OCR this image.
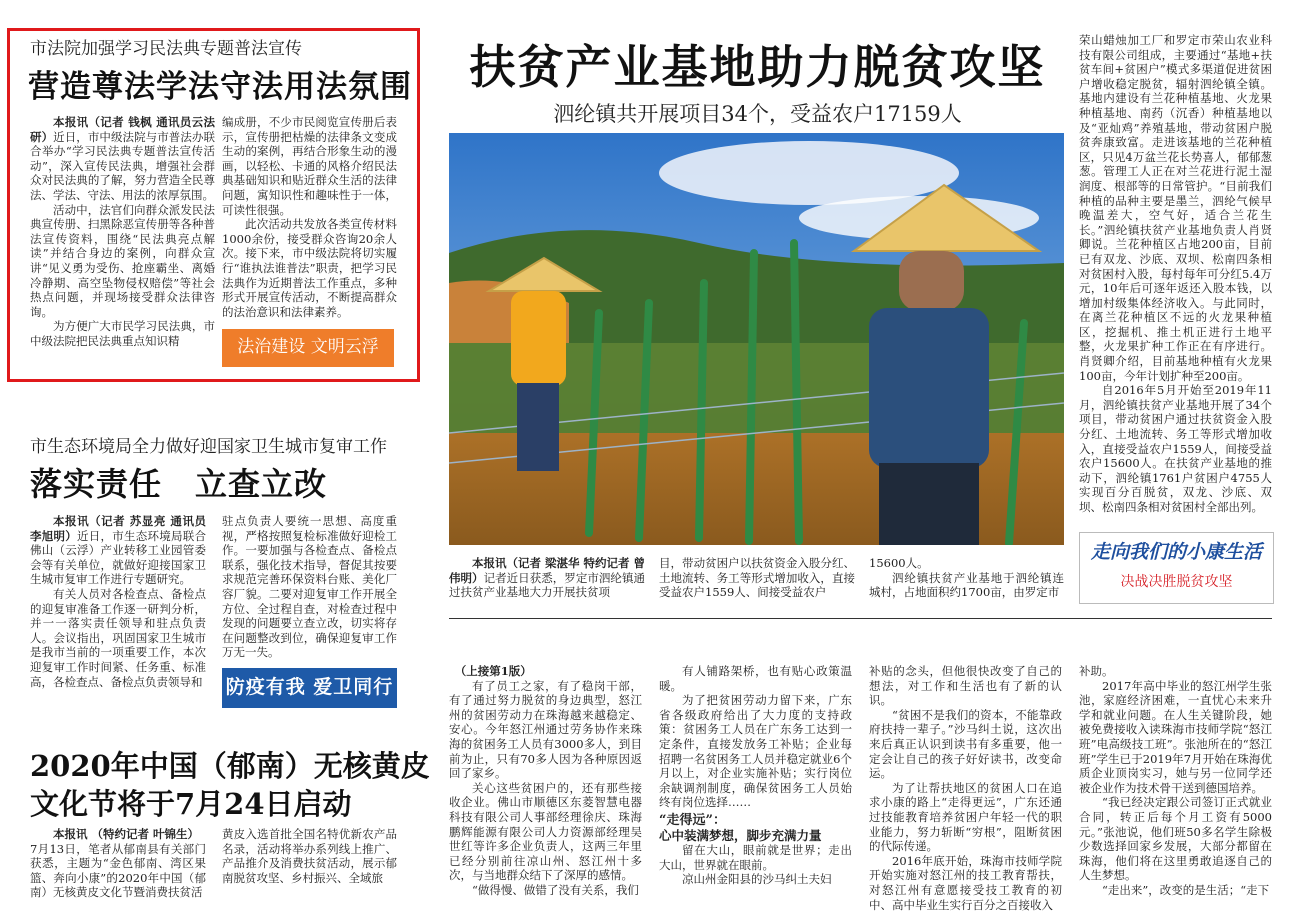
市法院加强学习民法典专题普法宣传
营造尊法学法守法用法氛围

本报讯（记者 钱枫 通讯员云法研）近日，市中级法院与市普法办联合举办“学习民法典专题普法宣传活动”，深入宣传民法典，增强社会群众对民法典的了解，努力营造全民尊法、学法、守法、用法的浓厚氛围。

活动中，法官们向群众派发民法典宣传册、扫黑除恶宣传册等各种普法宣传资料，围绕“民法典亮点解读”并结合身边的案例，向群众宣讲“见义勇为受伤、抢座霸坐、离婚冷静期、高空坠物侵权赔偿”等社会热点问题，并现场接受群众法律咨询。

为方便广大市民学习民法典，市中级法院把民法典重点知识精

编成册，不少市民阅览宣传册后表示，宣传册把枯燥的法律条文变成生动的案例，再结合形象生动的漫画，以轻松、卡通的风格介绍民法典基础知识和贴近群众生活的法律问题，寓知识性和趣味性于一体，可读性很强。

此次活动共发放各类宣传材料1000余份，接受群众咨询20余人次。接下来，市中级法院将切实履行“谁执法谁普法”职责，把学习民法典作为近期普法工作重点，多种形式开展宣传活动，不断提高群众的法治意识和法律素养。

法治建设 文明云浮
市生态环境局全力做好迎国家卫生城市复审工作
落实责任　立查立改

本报讯（记者 苏显亮 通讯员 李旭明）近日，市生态环境局联合佛山（云浮）产业转移工业园管委会等有关单位，就做好迎接国家卫生城市复审工作进行专题研究。

有关人员对各检查点、备检点的迎复审准备工作逐一研判分析，并一一落实责任领导和驻点负责人。会议指出，巩固国家卫生城市是我市当前的一项重要工作，本次迎复审工作时间紧、任务重、标准高，各检查点、备检点负责领导和

驻点负责人要统一思想、高度重视，严格按照复检标准做好迎检工作。一要加强与各检查点、备检点联系，强化技术指导，督促其按要求规范完善环保资料台账、美化厂容厂貌。二要对迎复审工作开展全方位、全过程自查，对检查过程中发现的问题要立查立改，切实将存在问题整改到位，确保迎复审工作万无一失。

防疫有我 爱卫同行
2020年中国（郁南）无核黄皮
文化节将于7月24日启动

本报讯 （特约记者 叶锦生）

7月13日，笔者从郁南县有关部门获悉，主题为“金色郁南、湾区果篮、奔向小康”的2020年中国（郁南）无核黄皮文化节暨消费扶贫活

黄皮入选首批全国名特优新农产品名录，活动将举办系列线上推广、产品推介及消费扶贫活动，展示郁南脱贫攻坚、乡村振兴、全域旅

扶贫产业基地助力脱贫攻坚
泗纶镇共开展项目34个，受益农户17159人

本报讯（记者 梁湛华 特约记者 曾伟明）记者近日获悉，罗定市泗纶镇通过扶贫产业基地大力开展扶贫项

目，带动贫困户以扶贫资金入股分红、土地流转、务工等形式增加收入，直接受益农户1559人、间接受益农户

15600人。

泗纶镇扶贫产业基地于泗纶镇连城村，占地面积约1700亩，由罗定市

荣山蜡烛加工厂和罗定市荣山农业科技有限公司组成，主要通过“基地+扶贫车间+贫困户”模式多渠道促进贫困户增收稳定脱贫，辐射泗纶镇全镇。基地内建设有兰花种植基地、火龙果种植基地、南药（沉香）种植基地以及“亚灿鸡”养殖基地，带动贫困户脱贫奔康致富。走进该基地的兰花种植区，只见4万盆兰花长势喜人，郁郁葱葱。管理工人正在对兰花进行泥土湿润度、根部等的日常管护。“目前我们种植的品种主要是墨兰，泗纶气候早晚温差大，空气好，适合兰花生长。”泗纶镇扶贫产业基地负责人肖贤卿说。兰花种植区占地200亩，目前已有双龙、沙底、双坝、松南四条相对贫困村入股，每村每年可分红5.4万元，10年后可逐年返还入股本钱，以增加村级集体经济收入。与此同时，在离兰花种植区不远的火龙果种植区，挖掘机、推土机正进行土地平整，火龙果扩种工作正在有序进行。肖贤卿介绍，目前基地种植有火龙果100亩，今年计划扩种至200亩。

自2016年5月开始至2019年11月，泗纶镇扶贫产业基地开展了34个项目，带动贫困户通过扶贫资金入股分红、土地流转、务工等形式增加收入，直接受益农户1559人，间接受益农户15600人。在扶贫产业基地的推动下，泗纶镇1761户贫困户4755人实现百分百脱贫，双龙、沙底、双坝、松南四条相对贫困村全部出列。

走向我们的小康生活
决战决胜脱贫攻坚

（上接第1版）

有了员工之家，有了稳岗干部，有了通过努力脱贫的身边典型，怒江州的贫困劳动力在珠海越来越稳定、安心。今年怒江州通过劳务协作来珠海的贫困务工人员有3000多人，到目前为止，只有70多人因为各种原因返回了家乡。

关心这些贫困户的，还有那些接收企业。佛山市顺德区东菱智慧电器科技有限公司人事部经理徐庆、珠海鹏辉能源有限公司人力资源部经理吴世红等许多企业负责人，这两三年里已经分别前往凉山州、怒江州十多次，与当地群众结下了深厚的感情。

“做得慢、做错了没有关系，我们

有人铺路架桥，也有贴心政策温暖。

为了把贫困劳动力留下来，广东省各级政府给出了大力度的支持政策：贫困务工人员在广东务工达到一定条件，直接发放务工补贴；企业每招聘一名贫困务工人员并稳定就业6个月以上，对企业实施补贴；实行岗位余缺调剂制度，确保贫困务工人员始终有岗位选择……

“走得远”：

心中装满梦想，脚步充满力量

留在大山，眼前就是世界；走出大山，世界就在眼前。

凉山州金阳县的沙马纠土夫妇

补贴的念头，但他很快改变了自己的想法，对工作和生活也有了新的认识。

“贫困不是我们的资本，不能靠政府扶持一辈子。”沙马纠土说，这次出来后真正认识到读书有多重要，他一定会让自己的孩子好好读书，改变命运。

为了让帮扶地区的贫困人口在追求小康的路上“走得更远”，广东还通过技能教育培养贫困户年轻一代的职业能力，努力斩断“穷根”，阻断贫困的代际传递。

2016年底开始，珠海市技师学院开始实施对怒江州的技工教育帮扶，对怒江州有意愿接受技工教育的初中、高中毕业生实行百分之百接收入

补助。

2017年高中毕业的怒江州学生张池，家庭经济困难，一直忧心未来升学和就业问题。在人生关键阶段，她被免费接收入读珠海市技师学院“怒江班”电高级技工班”。张池所在的“怒江班”学生已于2019年7月开始在珠海优质企业顶岗实习，她与另一位同学还被企业作为技术骨干送到德国培养。

“我已经决定跟公司签订正式就业合同，转正后每个月工资有5000元。”张池说，他们班50多名学生除极少数选择回家乡发展，大部分都留在珠海，他们将在这里勇敢追逐自己的人生梦想。

“走出来”，改变的是生活；“走下
